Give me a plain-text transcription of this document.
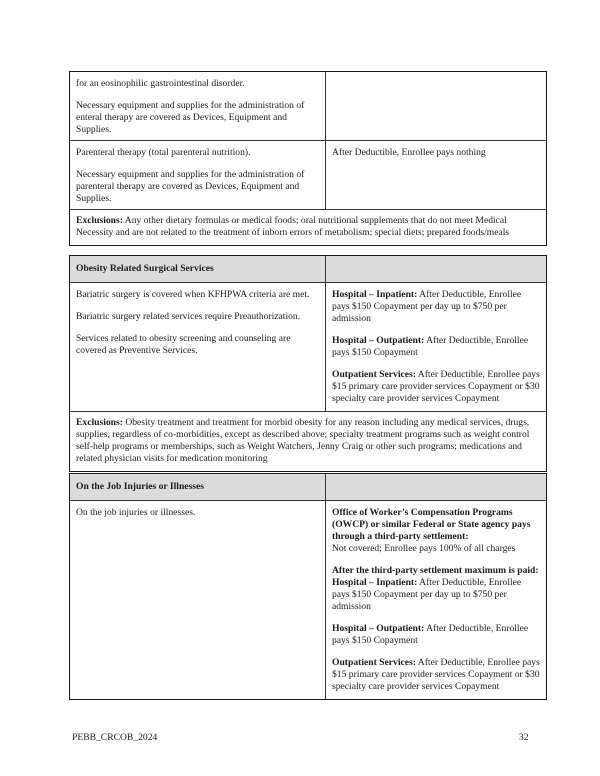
for an eosinophilic gastrointestinal disorder.

Necessary equipment and supplies for the administration of enteral therapy are covered as Devices, Equipment and Supplies.

Parenteral therapy (total parenteral nutrition).

Necessary equipment and supplies for the administration of parenteral therapy are covered as Devices, Equipment and Supplies.

After Deductible, Enrollee pays nothing

Exclusions: Any other dietary formulas or medical foods; oral nutritional supplements that do not meet Medical Necessity and are not related to the treatment of inborn errors of metabolism; special diets; prepared foods/meals
Obesity Related Surgical Services

Bariatric surgery is covered when KFHPWA criteria are met.

Bariatric surgery related services require Preauthorization.

Services related to obesity screening and counseling are covered as Preventive Services.

Hospital – Inpatient: After Deductible, Enrollee pays $150 Copayment per day up to $750 per admission

Hospital – Outpatient: After Deductible, Enrollee pays $150 Copayment

Outpatient Services: After Deductible, Enrollee pays $15 primary care provider services Copayment or $30 specialty care provider services Copayment

Exclusions: Obesity treatment and treatment for morbid obesity for any reason including any medical services, drugs, supplies, regardless of co-morbidities, except as described above; specialty treatment programs such as weight control self-help programs or memberships, such as Weight Watchers, Jenny Craig or other such programs; medications and related physician visits for medication monitoring
On the Job Injuries or Illnesses

On the job injuries or illnesses.	Office of Worker’s Compensation Programs (OWCP) or similar Federal or State agency pays through a third-party settlement:
Not covered; Enrollee pays 100% of all charges

After the third-party settlement maximum is paid:
Hospital – Inpatient: After Deductible, Enrollee pays $150 Copayment per day up to $750 per admission

Hospital – Outpatient: After Deductible, Enrollee pays $150 Copayment

Outpatient Services: After Deductible, Enrollee pays $15 primary care provider services Copayment or $30 specialty care provider services Copayment

PEBB_CRCOB_2024	32
